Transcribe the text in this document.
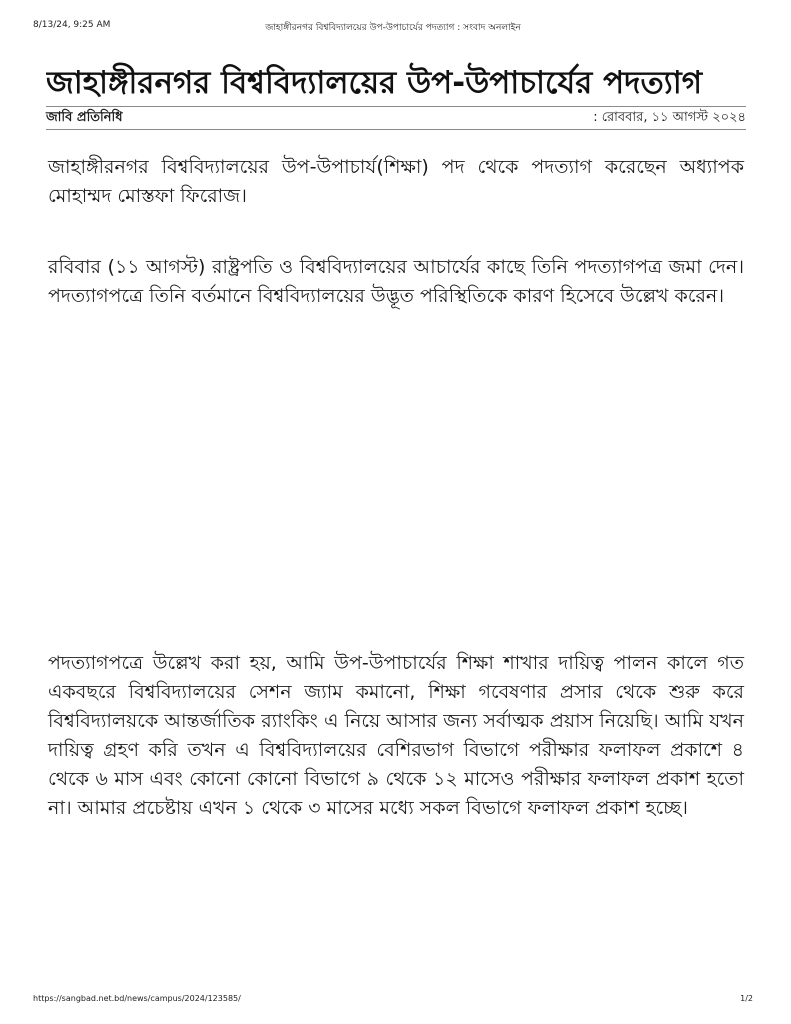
8/13/24, 9:25 AM	জাহাঙ্গীরনগর বিশ্ববিদ্যালয়ের উপ-উপাচার্যের পদত্যাগ : সংবাদ অনলাইন
জাহাঙ্গীরনগর বিশ্ববিদ্যালয়ের উপ-উপাচার্যের পদত্যাগ
জাবি প্রতিনিধি	: রোববার, ১১ আগস্ট ২০২৪

জাহাঙ্গীরনগর বিশ্ববিদ্যালয়ের উপ-উপাচার্য(শিক্ষা) পদ থেকে পদত্যাগ করেছেন অধ্যাপক মোহাম্মদ মোস্তফা ফিরোজ।

রবিবার (১১ আগস্ট) রাষ্ট্রপতি ও বিশ্ববিদ্যালয়ের আচার্যের কাছে তিনি পদত্যাগপত্র জমা দেন। পদত্যাগপত্রে তিনি বর্তমানে বিশ্ববিদ্যালয়ের উদ্ভূত পরিস্থিতিকে কারণ হিসেবে উল্লেখ করেন।

পদত্যাগপত্রে উল্লেখ করা হয়, আমি উপ-উপাচার্যের শিক্ষা শাখার দায়িত্ব পালন কালে গত একবছরে বিশ্ববিদ্যালয়ের সেশন জ্যাম কমানো, শিক্ষা গবেষণার প্রসার থেকে শুরু করে বিশ্ববিদ্যালয়কে আন্তর্জাতিক র‍্যাংকিং এ নিয়ে আসার জন্য সর্বাত্মক প্রয়াস নিয়েছি। আমি যখন দায়িত্ব গ্রহণ করি তখন এ বিশ্ববিদ্যালয়ের বেশিরভাগ বিভাগে পরীক্ষার ফলাফল প্রকাশে ৪ থেকে ৬ মাস এবং কোনো কোনো বিভাগে ৯ থেকে ১২ মাসেও পরীক্ষার ফলাফল প্রকাশ হতো না। আমার প্রচেষ্টায় এখন ১ থেকে ৩ মাসের মধ্যে সকল বিভাগে ফলাফল প্রকাশ হচ্ছে।

https://sangbad.net.bd/news/campus/2024/123585/	1/2
